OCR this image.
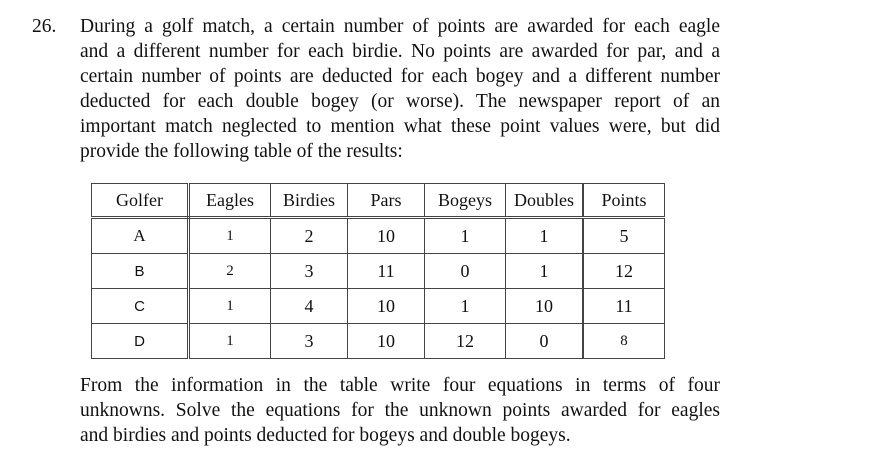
26.	During a golf match, a certain number of points are awarded for each eagle
and a different number for each birdie. No points are awarded for par, and a
certain number of points are deducted for each bogey and a different number
deducted for each double bogey (or worse). The newspaper report of an
important match neglected to mention what these point values were, but did
provide the following table of the results:
Golfer	Eagles	Birdies	Pars	Bogeys	Doubles	Points
A	1	2	10	1	1	5
B	2	3	11	0	1	12
C	1	4	10	1	10	11
D	1	3	10	12	0	8
From the information in the table write four equations in terms of four
unknowns. Solve the equations for the unknown points awarded for eagles
and birdies and points deducted for bogeys and double bogeys.
